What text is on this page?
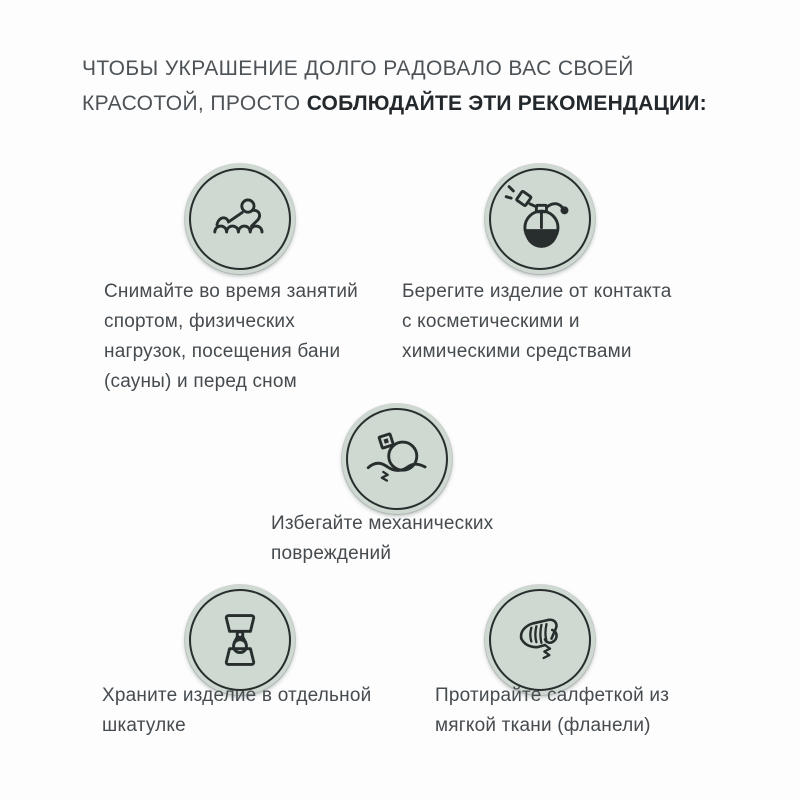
ЧТОБЫ УКРАШЕНИЕ ДОЛГО РАДОВАЛО ВАС СВОЕЙ
КРАСОТОЙ, ПРОСТО СОБЛЮДАЙТЕ ЭТИ РЕКОМЕНДАЦИИ:
Снимайте во время занятий
спортом, физических
нагрузок, посещения бани
(сауны) и перед сном
Берегите изделие от контакта
с косметическими и
химическими средствами
Избегайте механических
повреждений
Храните изделие в отдельной
шкатулке
Протирайте салфеткой из
мягкой ткани (фланели)
